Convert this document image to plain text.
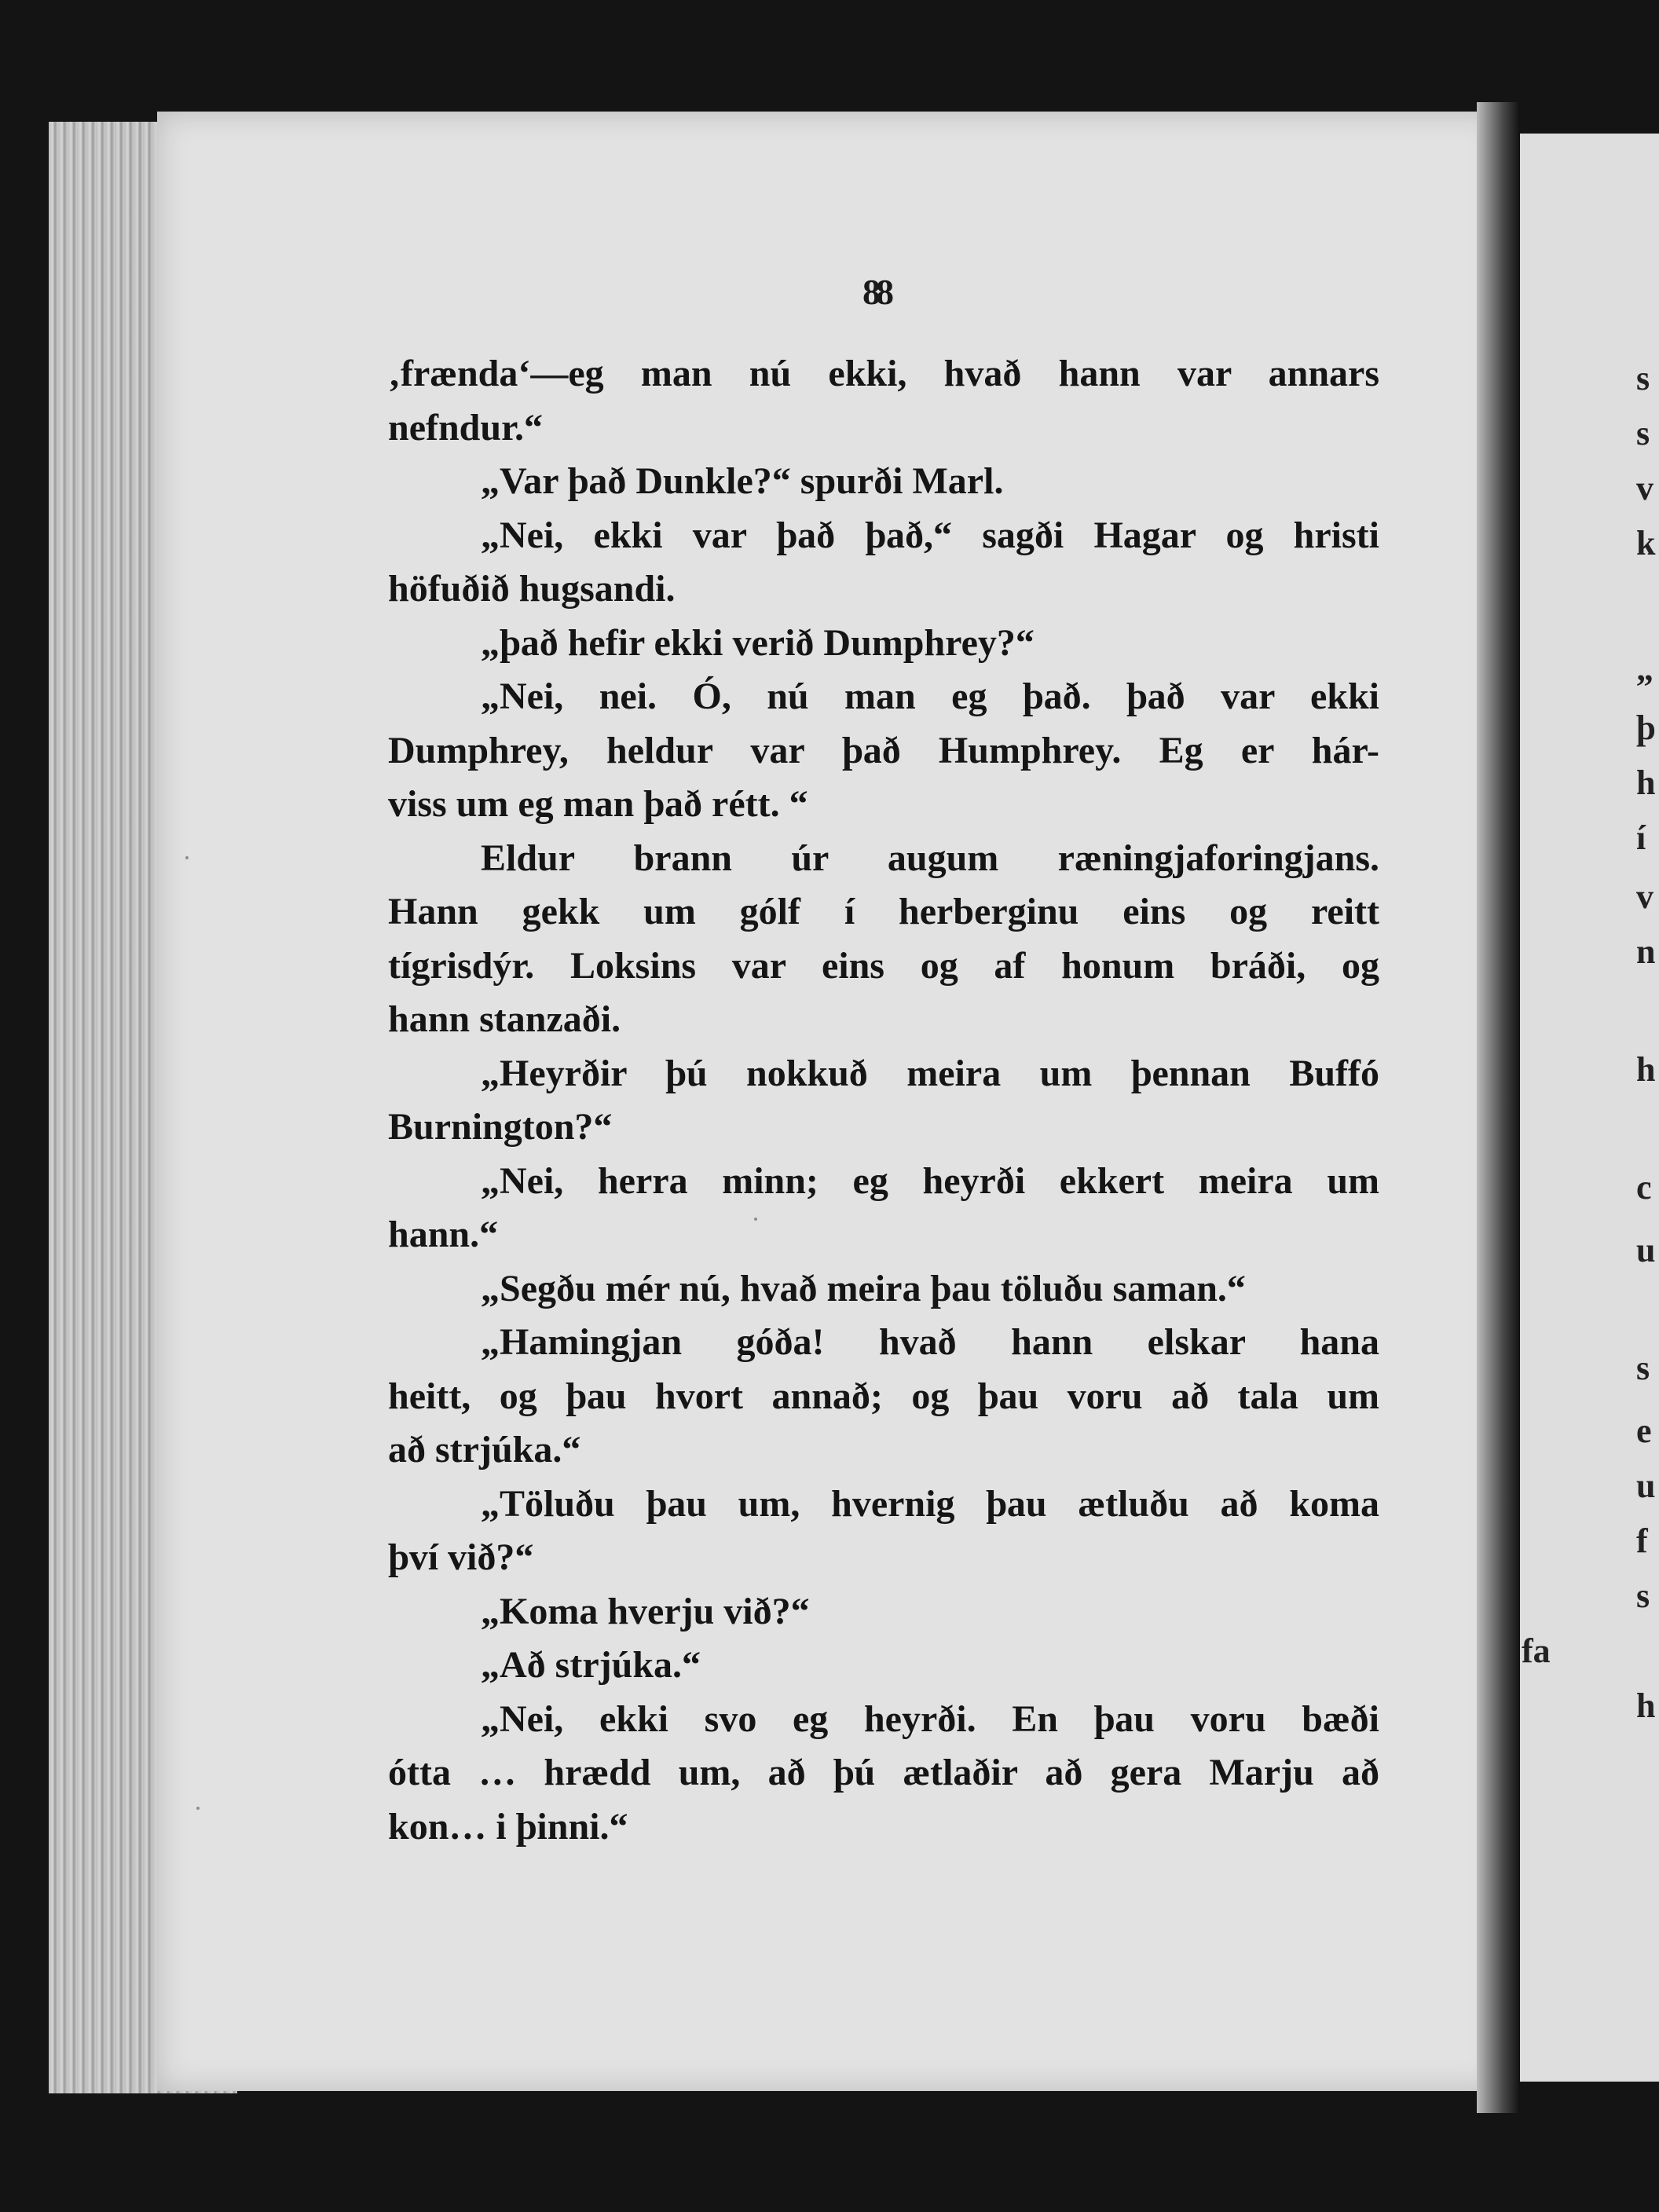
s
s
v
k
„
þ
h
í
v
n
h
c
u
s
e
u
f
s
fa
h
88
‚frænda‘—eg man nú ekki, hvað hann var annars
nefndur.“
„Var það Dunkle?“ spurði Marl.
„Nei, ekki var það það,“ sagði Hagar og hristi
höfuðið hugsandi.
„það hefir ekki verið Dumphrey?“
„Nei, nei. Ó, nú man eg það. það var ekki
Dumphrey, heldur var það Humphrey. Eg er hár-
viss um eg man það rétt. “
Eldur brann úr augum ræningjaforingjans.
Hann gekk um gólf í herberginu eins og reitt
tígrisdýr. Loksins var eins og af honum bráði, og
hann stanzaði.
„Heyrðir þú nokkuð meira um þennan Buffó
Burnington?“
„Nei, herra minn; eg heyrði ekkert meira um
hann.“
„Segðu mér nú, hvað meira þau töluðu saman.“
„Hamingjan góða! hvað hann elskar hana
heitt, og þau hvort annað; og þau voru að tala um
að strjúka.“
„Töluðu þau um, hvernig þau ætluðu að koma
því við?“
„Koma hverju við?“
„Að strjúka.“
„Nei, ekki svo eg heyrði. En þau voru bæði
ótta … hrædd um, að þú ætlaðir að gera Marju að
kon… i þinni.“
